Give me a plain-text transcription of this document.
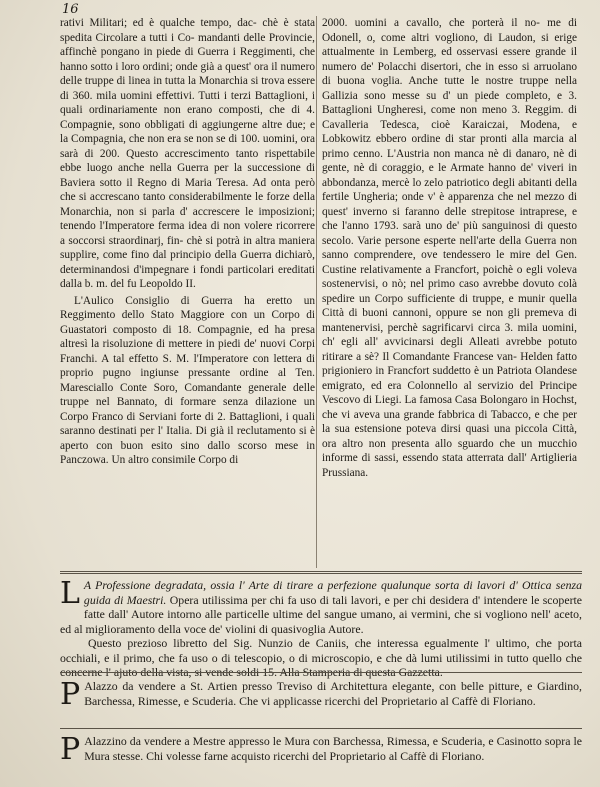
16

rativi Militari; ed è qualche tempo, dac- chè è stata spedita Circolare a tutti i Co- mandanti delle Provincie, affinchè pongano in piede di Guerra i Reggimenti, che hanno sotto i loro ordini; onde già a quest' ora il numero delle truppe di linea in tutta la Monarchia si trova essere di 360. mila uomini effettivi. Tutti i terzi Battaglioni, i quali ordinariamente non erano composti, che di 4. Compagnie, sono obbligati di aggiungerne altre due; e la Compagnia, che non era se non se di 100. uomini, ora sarà di 200. Questo accrescimento tanto rispettabile ebbe luogo anche nella Guerra per la successione di Baviera sotto il Regno di Maria Teresa. Ad onta però che si accrescano tanto considerabilmente le forze della Monarchia, non si parla d' accrescere le imposizioni; tenendo l'Imperatore ferma idea di non volere ricorrere a soccorsi straordinarj, fin- chè si potrà in altra maniera supplire, come fino dal principio della Guerra dichiarò, determinandosi d'impegnare i fondi particolari ereditati dalla b. m. del fu Leopoldo II.

L'Aulico Consiglio di Guerra ha eretto un Reggimento dello Stato Maggiore con un Corpo di Guastatori composto di 18. Compagnie, ed ha presa altresì la risoluzione di mettere in piedi de' nuovi Corpi Franchi. A tal effetto S. M. l'Imperatore con lettera di proprio pugno ingiunse pressante ordine al Ten. Maresciallo Conte Soro, Comandante generale delle truppe nel Bannato, di formare senza dilazione un Corpo Franco di Serviani forte di 2. Battaglioni, i quali saranno destinati per l' Italia. Di già il reclutamento si è aperto con buon esito sino dallo scorso mese in Panczowa. Un altro consimile Corpo di

2000. uomini a cavallo, che porterà il no- me di Odonell, o, come altri vogliono, di Laudon, si erige attualmente in Lemberg, ed osservasi essere grande il numero de' Polacchi disertori, che in esso si arruolano di buona voglia. Anche tutte le nostre truppe nella Gallizia sono messe su d' un piede completo, e 3. Battaglioni Ungheresi, come non meno 3. Reggim. di Cavalleria Tedesca, cioè Karaiczai, Modena, e Lobkowitz ebbero ordine di star pronti alla marcia al primo cenno. L'Austria non manca nè di danaro, nè di gente, nè di coraggio, e le Armate hanno de' viveri in abbondanza, mercè lo zelo patriotico degli abitanti della fertile Ungheria; onde v' è apparenza che nel mezzo di quest' inverno si faranno delle strepitose intraprese, e che l'anno 1793. sarà uno de' più sanguinosi di questo secolo. Varie persone esperte nell'arte della Guerra non sanno comprendere, ove tendessero le mire del Gen. Custine relativamente a Francfort, poichè o egli voleva sostenervisi, o nò; nel primo caso avrebbe dovuto colà spedire un Corpo sufficiente di truppe, e munir quella Città di buoni cannoni, oppure se non gli premeva di mantenervisi, perchè sagrificarvi circa 3. mila uomini, ch' egli all' avvicinarsi degli Alleati avrebbe potuto ritirare a sè? Il Comandante Francese van- Helden fatto prigioniero in Francfort suddetto è un Patriota Olandese emigrato, ed era Colonnello al servizio del Principe Vescovo di Liegi. La famosa Casa Bolongaro in Hochst, che vi aveva una grande fabbrica di Tabacco, e che per la sua estensione poteva dirsi quasi una piccola Città, ora altro non presenta allo sguardo che un mucchio informe di sassi, essendo stata atterrata dall' Artiglieria Prussiana.

L A Professione degradata, ossia l' Arte di tirare a perfezione qualunque sorta di lavori d' Ottica senza guida di Maestri. Opera utilissima per chi fa uso di tali lavori, e per chi desidera d' intendere le scoperte fatte dall' Autore intorno alle particelle ultime del sangue umano, ai vermini, che si vogliono nell' aceto, ed al miglioramento della voce de' violini di quasivoglia Autore.

Questo prezioso libretto del Sig. Nunzio de Caniis, che interessa egualmente l' ultimo, che porta occhiali, e il primo, che fa uso o di telescopio, o di microscopio, e che dà lumi utilissimi in tutto quello che concerne l' ajuto della vista, si vende soldi 15. Alla Stamperia di questa Gazzetta.

P Alazzo da vendere a St. Artien presso Treviso di Architettura elegante, con belle pitture, e Giardino, Barchessa, Rimesse, e Scuderia. Che vi applicasse ricerchi del Proprietario al Caffè di Floriano.

P Alazzino da vendere a Mestre appresso le Mura con Barchessa, Rimessa, e Scuderia, e Casinotto sopra le Mura stesse. Chi volesse farne acquisto ricerchi del Proprietario al Caffè di Floriano.
